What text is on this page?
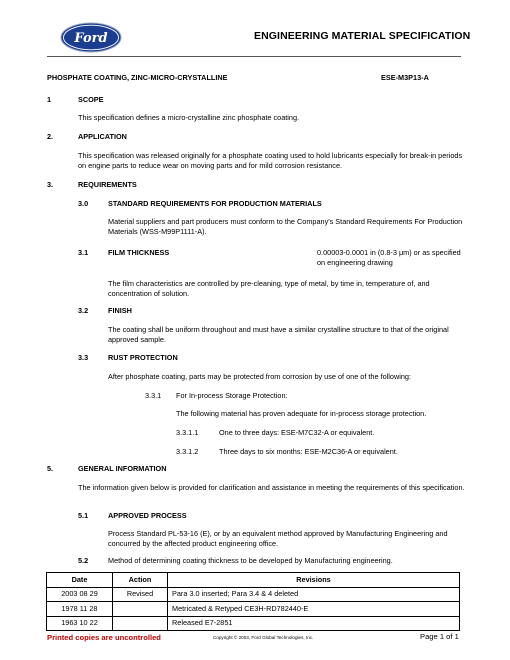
Ford	ENGINEERING MATERIAL SPECIFICATION
PHOSPHATE COATING, ZINC-MICRO-CRYSTALLINE	ESE-M3P13-A
1	SCOPE
This specification defines a micro-crystalline zinc phosphate coating.
2.	APPLICATION
This specification was released originally for a phosphate coating used to hold lubricants especially for break-in periods on engine parts to reduce wear on moving parts and for mild corrosion resistance.
3.	REQUIREMENTS
3.0	STANDARD REQUIREMENTS FOR PRODUCTION MATERIALS
Material suppliers and part producers must conform to the Company's Standard Requirements For Production Materials (WSS-M99P1111-A).
3.1	FILM THICKNESS	0.00003-0.0001 in (0.8-3 μm) or as specified on engineering drawing
The film characteristics are controlled by pre-cleaning, type of metal, by time in, temperature of, and concentration of solution.
3.2	FINISH
The coating shall be uniform throughout and must have a similar crystalline structure to that of the original approved sample.
3.3	RUST PROTECTION
After phosphate coating, parts may be protected from corrosion by use of one of the following:
3.3.1 For In-process Storage Protection:
The following material has proven adequate for in-process storage protection.
3.3.1.1	One to three days: ESE-M7C32-A or equivalent.
3.3.1.2	Three days to six months: ESE-M2C36-A or equivalent.
5.	GENERAL INFORMATION
The information given below is provided for clarification and assistance in meeting the requirements of this specification.
5.1	APPROVED PROCESS
Process Standard PL-53-16 (E), or by an equivalent method approved by Manufacturing Engineering and concurred by the affected product engineering office.
5.2	Method of determining coating thickness to be developed by Manufacturing engineering.
Date	Action	Revisions
2003 08 29	Revised	Para 3.0 inserted; Para 3.4 & 4 deleted
1978 11 28		Metricated & Retyped CE3H-RD782440-E
1963 10 22		Released E7-2851
Printed copies are uncontrolled	Copyright © 2003, Ford Global Technologies, Inc.	Page 1 of 1
